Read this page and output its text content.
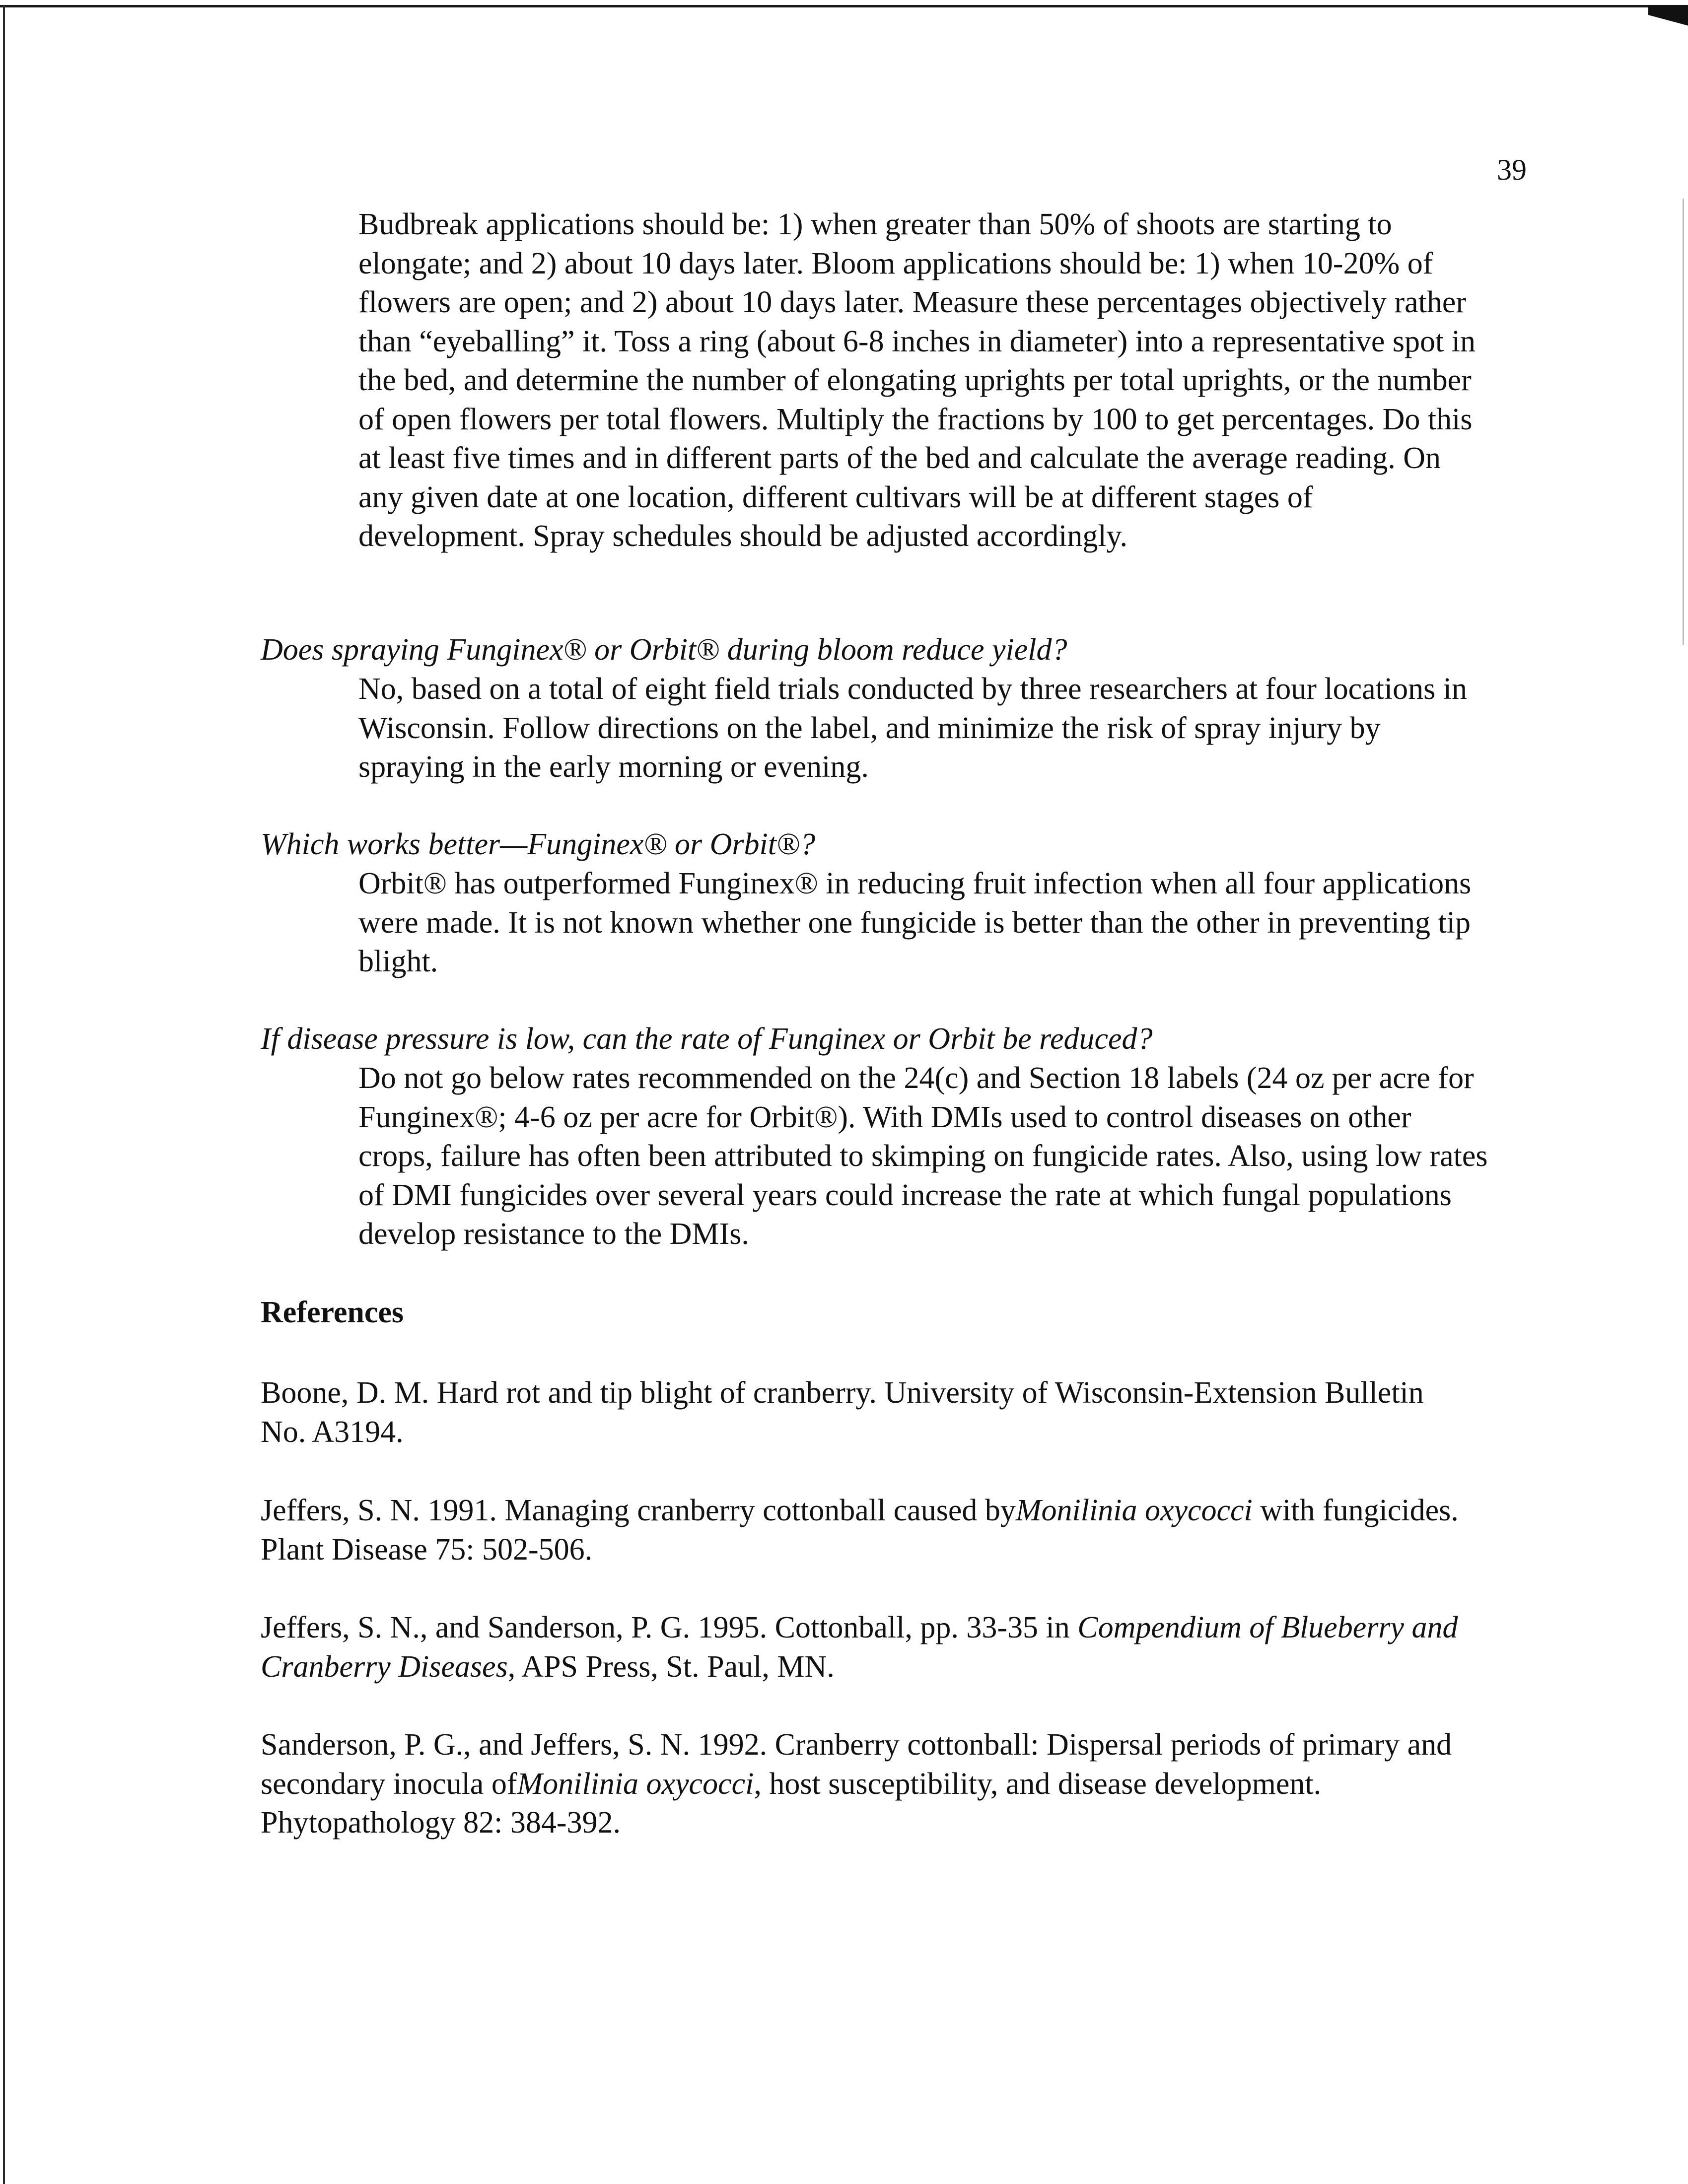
39

Budbreak applications should be: 1) when greater than 50% of shoots are starting to elongate; and 2) about 10 days later. Bloom applications should be: 1) when 10-20% of flowers are open; and 2) about 10 days later. Measure these percentages objectively rather than “eyeballing” it. Toss a ring (about 6-8 inches in diameter) into a representative spot in the bed, and determine the number of elongating uprights per total uprights, or the number of open flowers per total flowers. Multiply the fractions by 100 to get percentages. Do this at least five times and in different parts of the bed and calculate the average reading. On any given date at one location, different cultivars will be at different stages of development. Spray schedules should be adjusted accordingly.

Does spraying Funginex® or Orbit® during bloom reduce yield?
No, based on a total of eight field trials conducted by three researchers at four locations in Wisconsin. Follow directions on the label, and minimize the risk of spray injury by spraying in the early morning or evening.
Which works better—Funginex® or Orbit®?
Orbit® has outperformed Funginex® in reducing fruit infection when all four applications were made. It is not known whether one fungicide is better than the other in preventing tip blight.
If disease pressure is low, can the rate of Funginex or Orbit be reduced?
Do not go below rates recommended on the 24(c) and Section 18 labels (24 oz per acre for Funginex®; 4-6 oz per acre for Orbit®). With DMIs used to control diseases on other crops, failure has often been attributed to skimping on fungicide rates. Also, using low rates of DMI fungicides over several years could increase the rate at which fungal populations develop resistance to the DMIs.
References
Boone, D. M. Hard rot and tip blight of cranberry. University of Wisconsin-Extension Bulletin No. A3194.
Jeffers, S. N. 1991. Managing cranberry cottonball caused byMonilinia oxycocci with fungicides. Plant Disease 75: 502-506.
Jeffers, S. N., and Sanderson, P. G. 1995. Cottonball, pp. 33-35 in Compendium of Blueberry and Cranberry Diseases, APS Press, St. Paul, MN.
Sanderson, P. G., and Jeffers, S. N. 1992. Cranberry cottonball: Dispersal periods of primary and secondary inocula ofMonilinia oxycocci, host susceptibility, and disease development. Phytopathology 82: 384-392.
